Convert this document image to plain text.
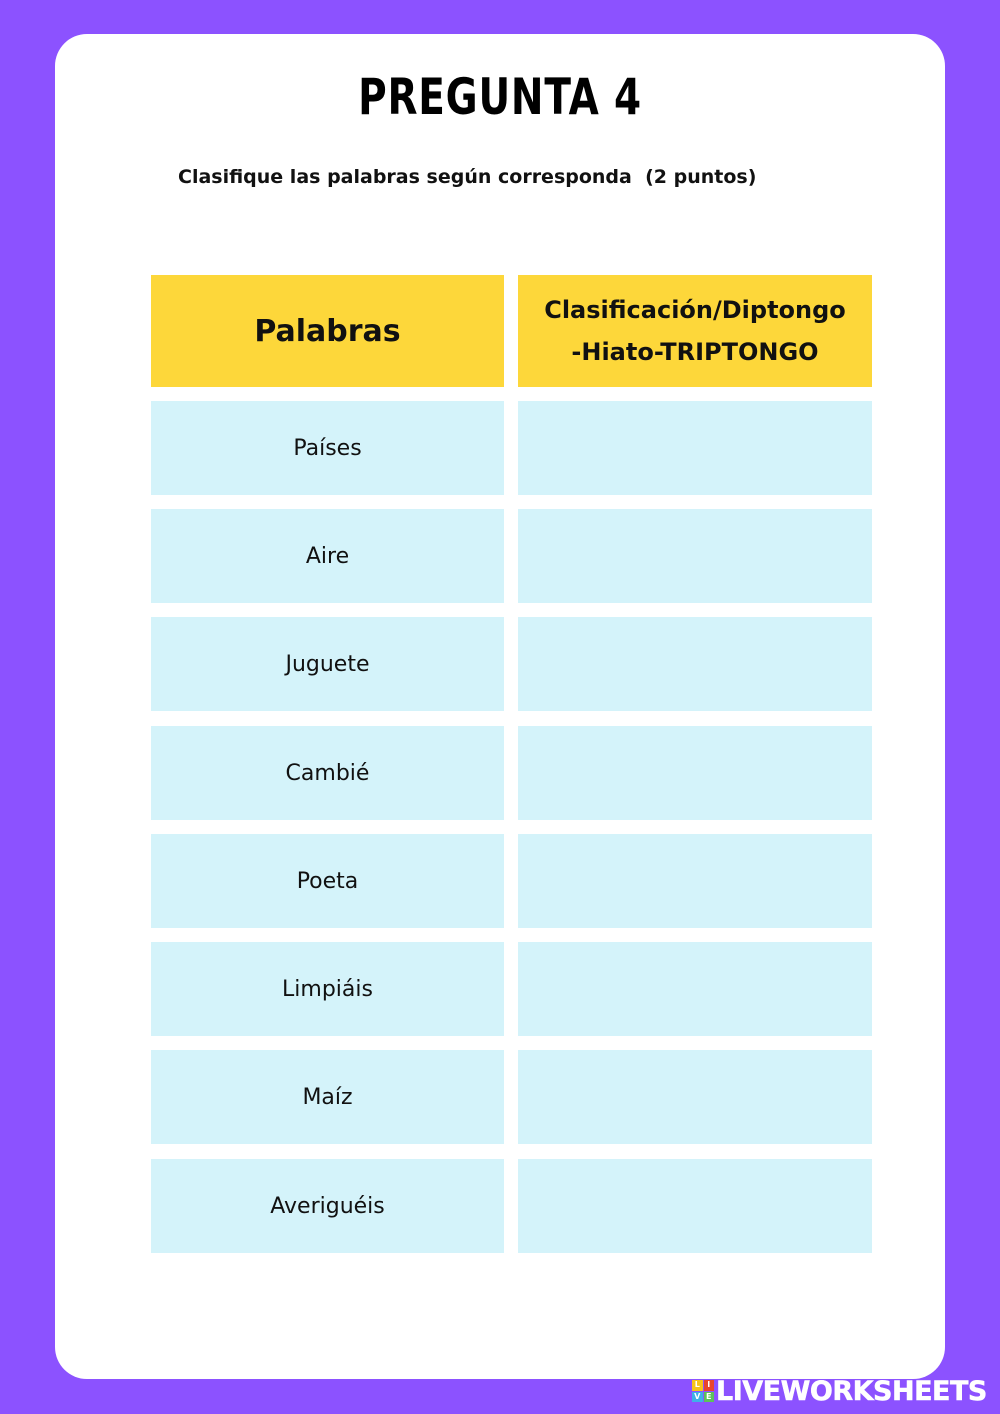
PREGUNTA 4
Clasifique las palabras según corresponda  (2 puntos)
Palabras
Clasificación/Diptongo
-Hiato-TRIPTONGO
Países
Aire
Juguete
Cambié
Poeta
Limpiáis
Maíz
Averiguéis
L I
V E LIVEWORKSHEETS
